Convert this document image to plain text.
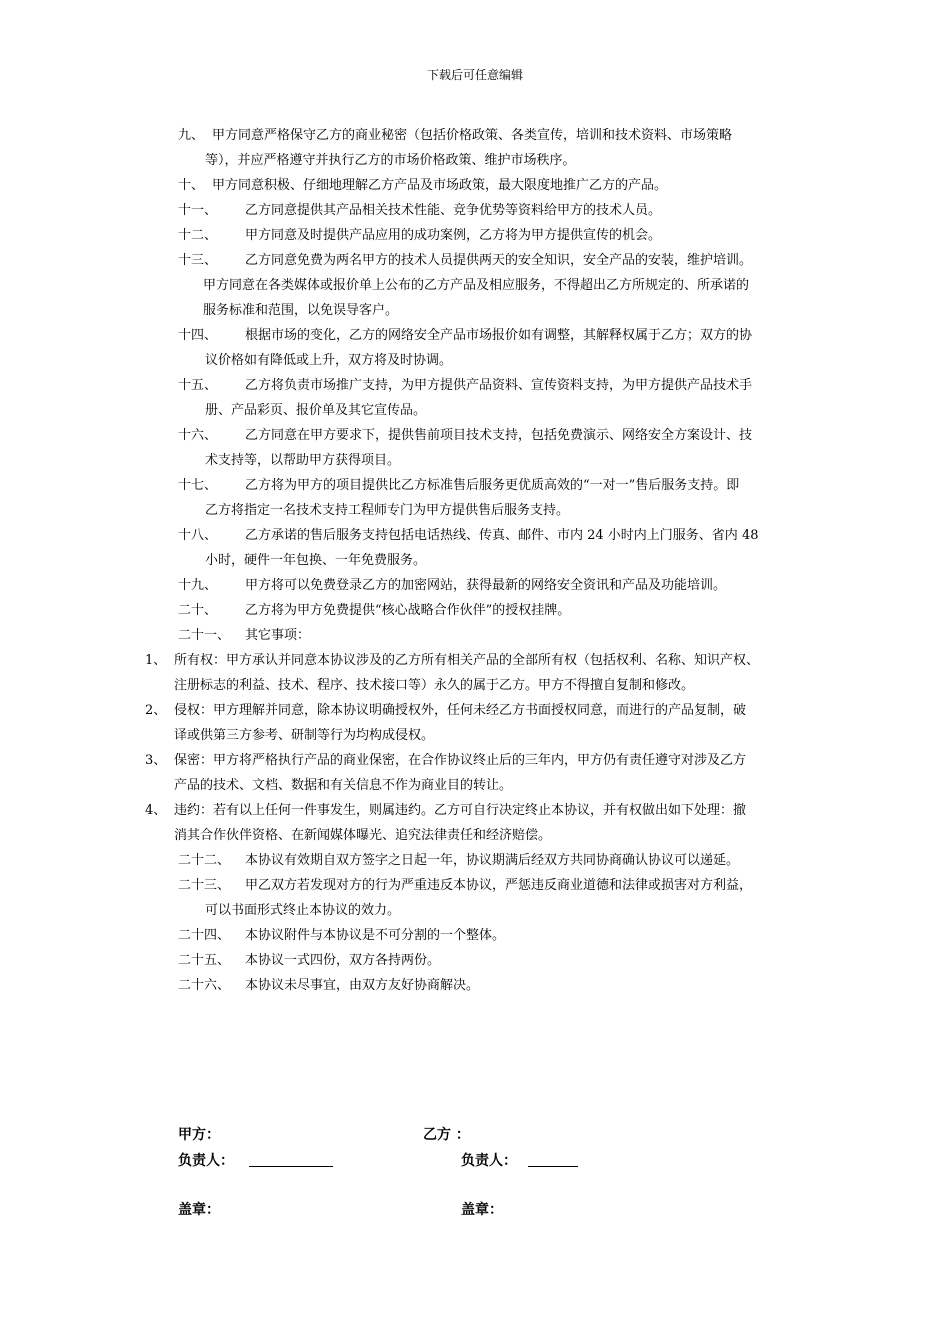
下载后可任意编辑
九、 甲方同意严格保守乙方的商业秘密（包括价格政策、各类宣传，培训和技术资料、市场策略
等），并应严格遵守并执行乙方的市场价格政策、维护市场秩序。
十、 甲方同意积极、仔细地理解乙方产品及市场政策，最大限度地推广乙方的产品。
十一、 乙方同意提供其产品相关技术性能、竞争优势等资料给甲方的技术人员。
十二、 甲方同意及时提供产品应用的成功案例，乙方将为甲方提供宣传的机会。
十三、 乙方同意免费为两名甲方的技术人员提供两天的安全知识，安全产品的安装，维护培训。
甲方同意在各类媒体或报价单上公布的乙方产品及相应服务，不得超出乙方所规定的、所承诺的
服务标准和范围，以免误导客户。
十四、 根据市场的变化，乙方的网络安全产品市场报价如有调整，其解释权属于乙方；双方的协
议价格如有降低或上升，双方将及时协调。
十五、 乙方将负责市场推广支持，为甲方提供产品资料、宣传资料支持，为甲方提供产品技术手
册、产品彩页、报价单及其它宣传品。
十六、 乙方同意在甲方要求下，提供售前项目技术支持，包括免费演示、网络安全方案设计、技
术支持等，以帮助甲方获得项目。
十七、 乙方将为甲方的项目提供比乙方标准售后服务更优质高效的“一对一”售后服务支持。即
乙方将指定一名技术支持工程师专门为甲方提供售后服务支持。
十八、 乙方承诺的售后服务支持包括电话热线、传真、邮件、市内 24 小时内上门服务、省内 48
小时，硬件一年包换、一年免费服务。
十九、 甲方将可以免费登录乙方的加密网站，获得最新的网络安全资讯和产品及功能培训。
二十、 乙方将为甲方免费提供“核心战略合作伙伴”的授权挂牌。
二十一、 其它事项：
1、 所有权：甲方承认并同意本协议涉及的乙方所有相关产品的全部所有权（包括权利、名称、知识产权、
注册标志的利益、技术、程序、技术接口等）永久的属于乙方。甲方不得擅自复制和修改。
2、 侵权：甲方理解并同意，除本协议明确授权外，任何未经乙方书面授权同意，而进行的产品复制，破
译或供第三方参考、研制等行为均构成侵权。
3、 保密：甲方将严格执行产品的商业保密，在合作协议终止后的三年内，甲方仍有责任遵守对涉及乙方
产品的技术、文档、数据和有关信息不作为商业目的转让。
4、 违约：若有以上任何一件事发生，则属违约。乙方可自行决定终止本协议，并有权做出如下处理：撤
消其合作伙伴资格、在新闻媒体曝光、追究法律责任和经济赔偿。
二十二、 本协议有效期自双方签字之日起一年，协议期满后经双方共同协商确认协议可以递延。
二十三、 甲乙双方若发现对方的行为严重违反本协议，严惩违反商业道德和法律或损害对方利益，
可以书面形式终止本协议的效力。
二十四、 本协议附件与本协议是不可分割的一个整体。
二十五、 本协议一式四份，双方各持两份。
二十六、 本协议未尽事宜，由双方友好协商解决。
甲方：	乙方 ：
负责人：	负责人：
盖章：	盖章：
